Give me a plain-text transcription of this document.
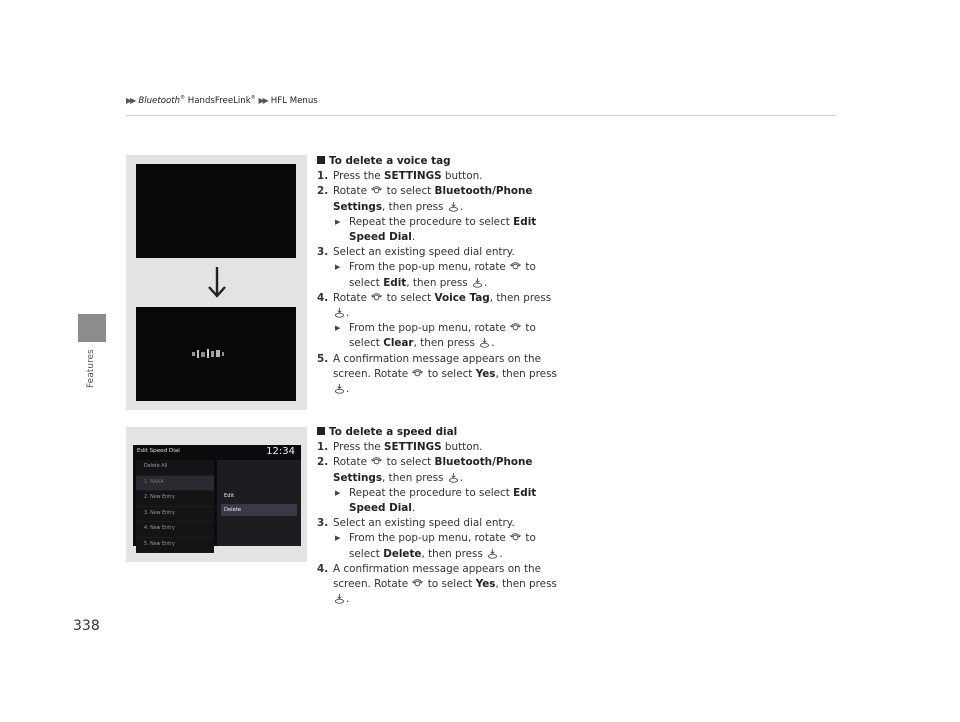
▶▶ Bluetooth® HandsFreeLink® ▶▶ HFL Menus
Features
338
Edit Speed Dial	12:34
Delete All
1. AAAA
2. New Entry
3. New Entry
4. New Entry
5. New Entry
Edit
Delete
To delete a voice tag
1. Press the SETTINGS button.
2. Rotate  to select Bluetooth/Phone
Settings, then press .
▶ Repeat the procedure to select Edit
Speed Dial.
3. Select an existing speed dial entry.
▶ From the pop-up menu, rotate  to
select Edit, then press .
4. Rotate  to select Voice Tag, then press
.
▶ From the pop-up menu, rotate  to
select Clear, then press .
5. A confirmation message appears on the
screen. Rotate  to select Yes, then press
.
To delete a speed dial
1. Press the SETTINGS button.
2. Rotate  to select Bluetooth/Phone
Settings, then press .
▶ Repeat the procedure to select Edit
Speed Dial.
3. Select an existing speed dial entry.
▶ From the pop-up menu, rotate  to
select Delete, then press .
4. A confirmation message appears on the
screen. Rotate  to select Yes, then press
.
